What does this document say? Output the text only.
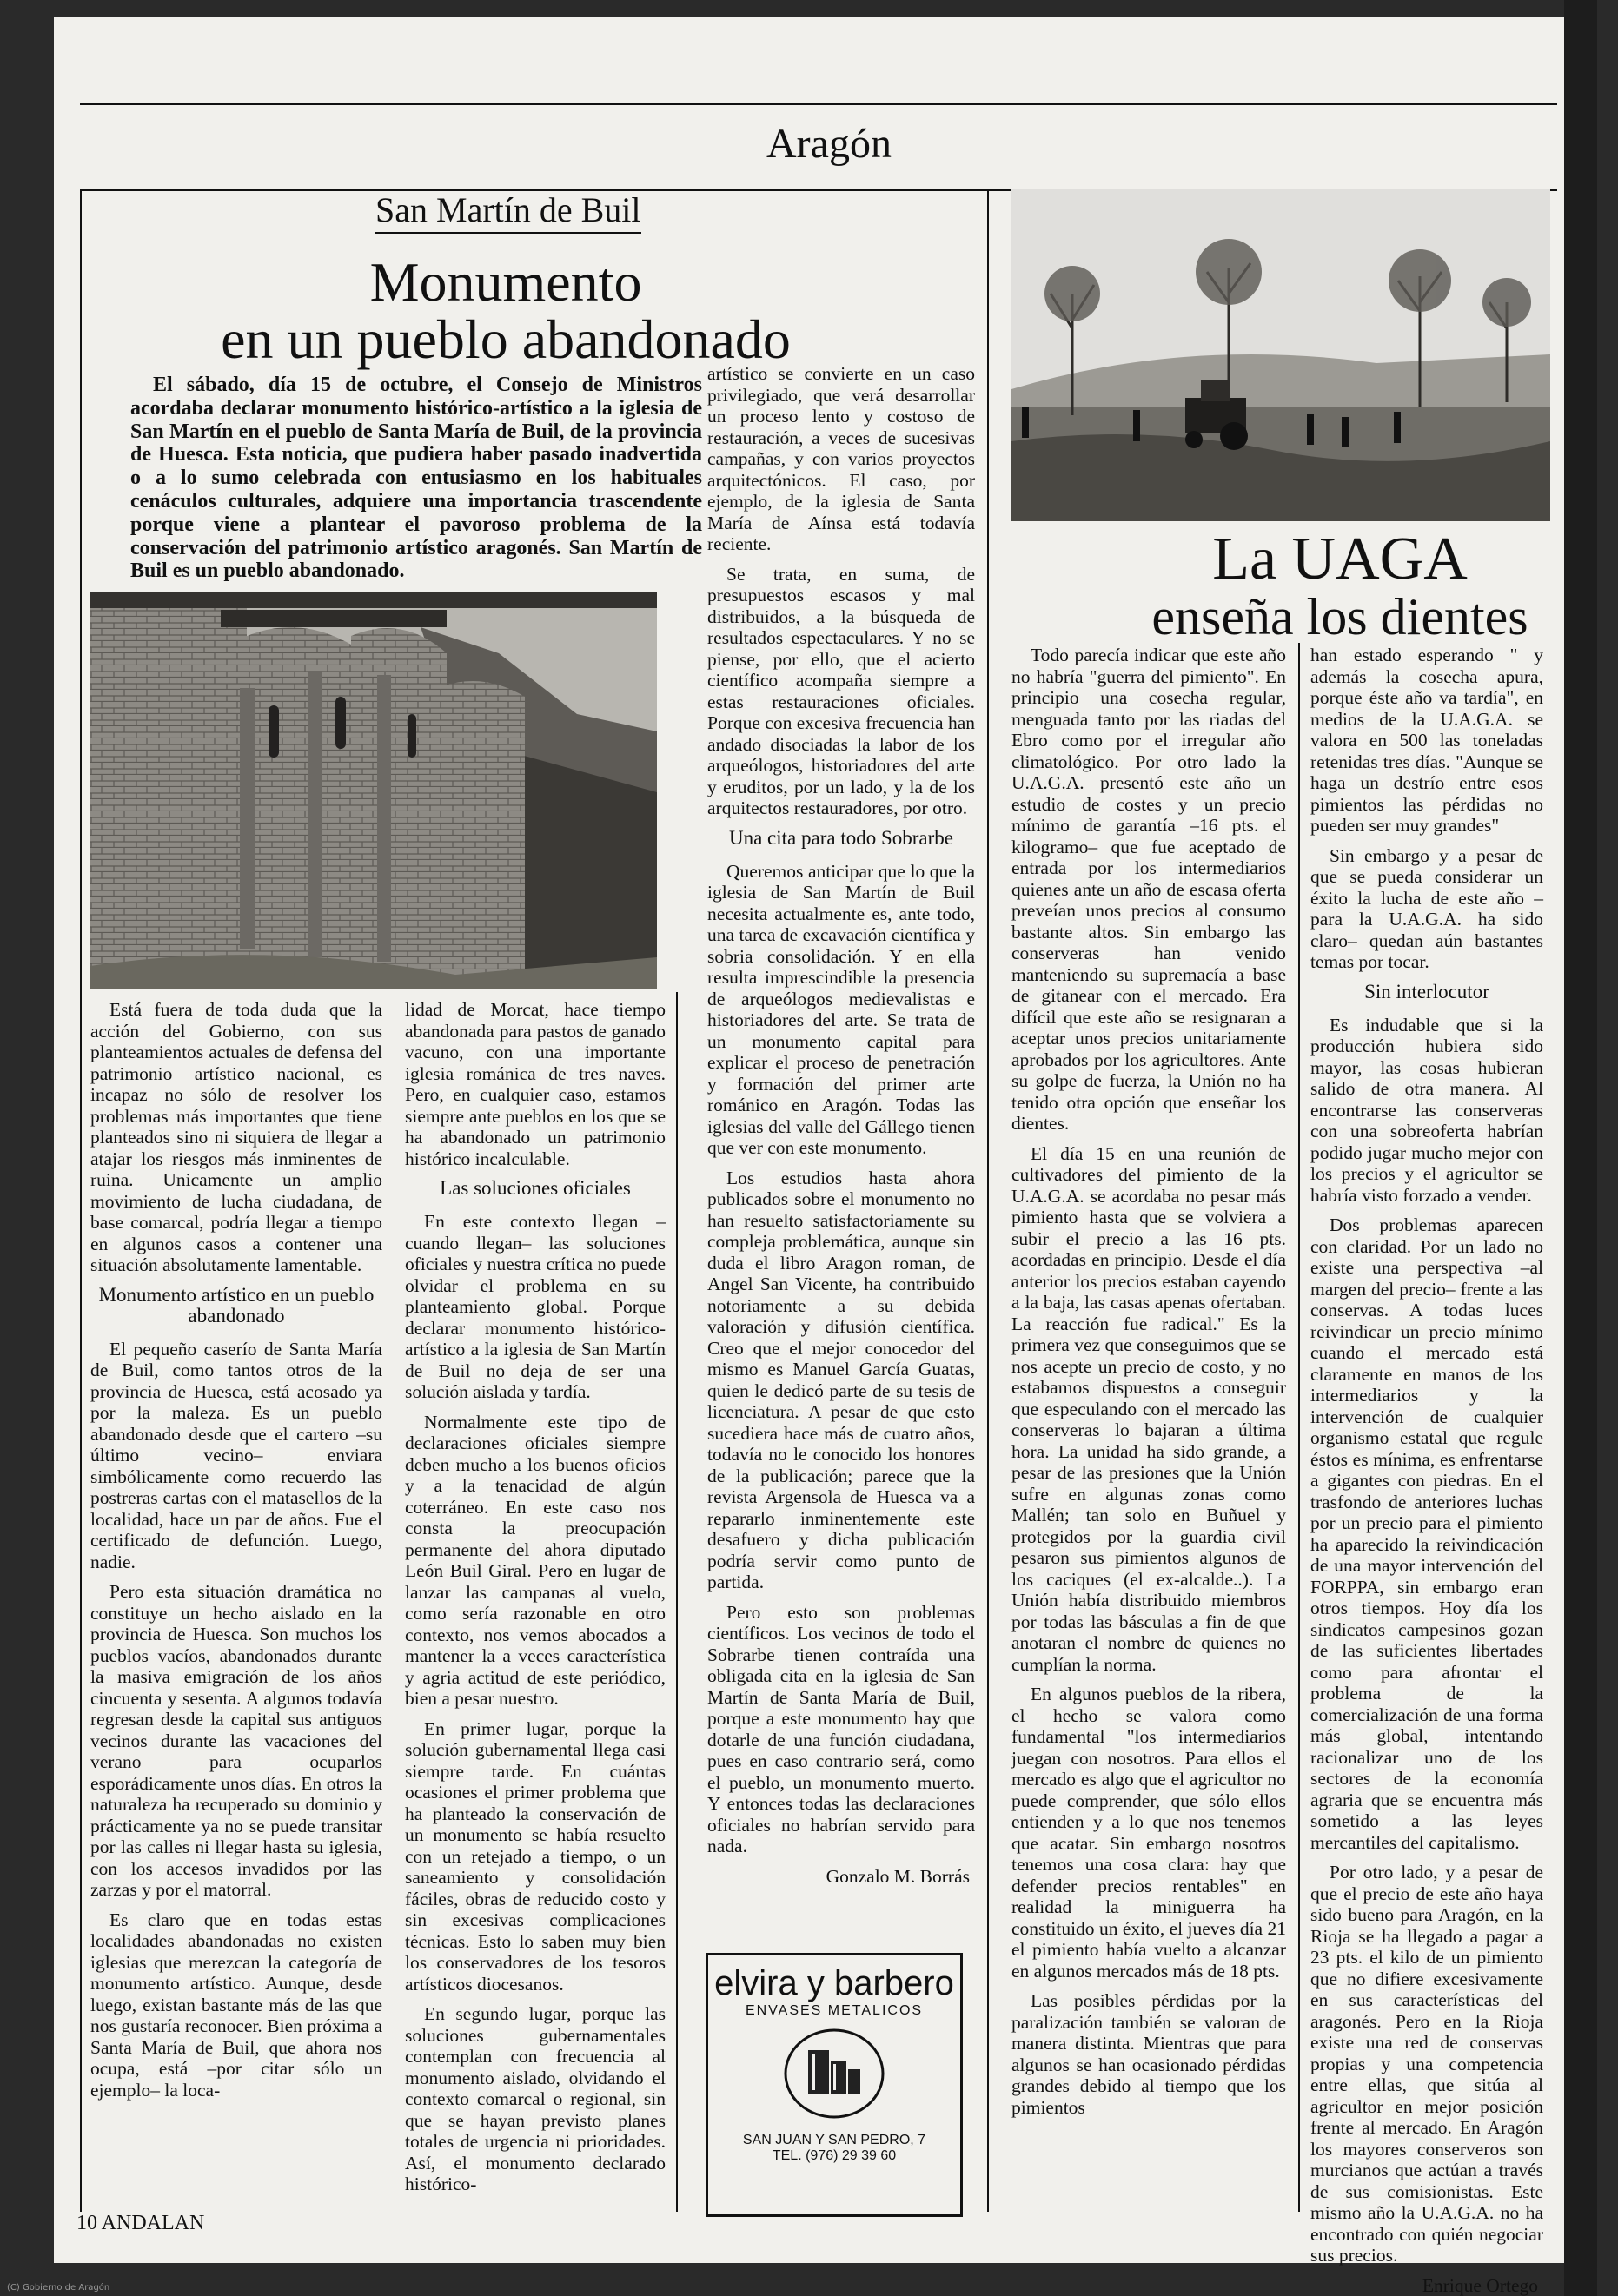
Aragón
San Martín de Buil
Monumento
en un pueblo abandonado
El sábado, día 15 de octubre, el Consejo de Ministros acordaba declarar monumento histórico-artístico a la iglesia de San Martín en el pueblo de Santa María de Buil, de la provincia de Huesca. Esta noticia, que pudiera haber pasado inadvertida o a lo sumo celebrada con entusiasmo en los habituales cenáculos culturales, adquiere una importancia trascendente porque viene a plantear el pavoroso problema de la conservación del patrimonio artístico aragonés. San Martín de Buil es un pueblo abandonado.

Está fuera de toda duda que la acción del Gobierno, con sus planteamientos actuales de defensa del patrimonio artístico nacional, es incapaz no sólo de resolver los problemas más importantes que tiene planteados sino ni siquiera de llegar a atajar los riesgos más inminentes de ruina. Unicamente un amplio movimiento de lucha ciudadana, de base comarcal, podría llegar a tiempo en algunos casos a contener una situación absolutamente lamentable.

Monumento artístico en un pueblo abandonado

El pequeño caserío de Santa María de Buil, como tantos otros de la provincia de Huesca, está acosado ya por la maleza. Es un pueblo abandonado desde que el cartero –su último vecino– enviara simbólicamente como recuerdo las postreras cartas con el matasellos de la localidad, hace un par de años. Fue el certificado de defunción. Luego, nadie.

Pero esta situación dramática no constituye un hecho aislado en la provincia de Huesca. Son muchos los pueblos vacíos, abandonados durante la masiva emigración de los años cincuenta y sesenta. A algunos todavía regresan desde la capital sus antiguos vecinos durante las vacaciones del verano para ocuparlos esporádicamente unos días. En otros la naturaleza ha recuperado su dominio y prácticamente ya no se puede transitar por las calles ni llegar hasta su iglesia, con los accesos invadidos por las zarzas y por el matorral.

Es claro que en todas estas localidades abandonadas no existen iglesias que merezcan la categoría de monumento artístico. Aunque, desde luego, existan bastante más de las que nos gustaría reconocer. Bien próxima a Santa María de Buil, que ahora nos ocupa, está –por citar sólo un ejemplo– la loca-

lidad de Morcat, hace tiempo abandonada para pastos de ganado vacuno, con una importante iglesia románica de tres naves. Pero, en cualquier caso, estamos siempre ante pueblos en los que se ha abandonado un patrimonio histórico incalculable.

Las soluciones oficiales

En este contexto llegan –cuando llegan– las soluciones oficiales y nuestra crítica no puede olvidar el problema en su planteamiento global. Porque declarar monumento histórico-artístico a la iglesia de San Martín de Buil no deja de ser una solución aislada y tardía.

Normalmente este tipo de declaraciones oficiales siempre deben mucho a los buenos oficios y a la tenacidad de algún coterráneo. En este caso nos consta la preocupación permanente del ahora diputado León Buil Giral. Pero en lugar de lanzar las campanas al vuelo, como sería razonable en otro contexto, nos vemos abocados a mantener la a veces característica y agria actitud de este periódico, bien a pesar nuestro.

En primer lugar, porque la solución gubernamental llega casi siempre tarde. En cuántas ocasiones el primer problema que ha planteado la conservación de un monumento se había resuelto con un retejado a tiempo, o un saneamiento y consolidación fáciles, obras de reducido costo y sin excesivas complicaciones técnicas. Esto lo saben muy bien los conservadores de los tesoros artísticos diocesanos.

En segundo lugar, porque las soluciones gubernamentales contemplan con frecuencia al monumento aislado, olvidando el contexto comarcal o regional, sin que se hayan previsto planes totales de urgencia ni prioridades. Así, el monumento declarado histórico-

artístico se convierte en un caso privilegiado, que verá desarrollar un proceso lento y costoso de restauración, a veces de sucesivas campañas, y con varios proyectos arquitectónicos. El caso, por ejemplo, de la iglesia de Santa María de Aínsa está todavía reciente.

Se trata, en suma, de presupuestos escasos y mal distribuidos, a la búsqueda de resultados espectaculares. Y no se piense, por ello, que el acierto científico acompaña siempre a estas restauraciones oficiales. Porque con excesiva frecuencia han andado disociadas la labor de los arqueólogos, historiadores del arte y eruditos, por un lado, y la de los arquitectos restauradores, por otro.

Una cita para todo Sobrarbe

Queremos anticipar que lo que la iglesia de San Martín de Buil necesita actualmente es, ante todo, una tarea de excavación científica y sobria consolidación. Y en ella resulta imprescindible la presencia de arqueólogos medievalistas e historiadores del arte. Se trata de un monumento capital para explicar el proceso de penetración y formación del primer arte románico en Aragón. Todas las iglesias del valle del Gállego tienen que ver con este monumento.

Los estudios hasta ahora publicados sobre el monumento no han resuelto satisfactoriamente su compleja problemática, aunque sin duda el libro Aragon roman, de Angel San Vicente, ha contribuido notoriamente a su debida valoración y difusión científica. Creo que el mejor conocedor del mismo es Manuel García Guatas, quien le dedicó parte de su tesis de licenciatura. A pesar de que esto sucediera hace más de cuatro años, todavía no le conocido los honores de la publicación; parece que la revista Argensola de Huesca va a repararlo inminentemente este desafuero y dicha publicación podría servir como punto de partida.

Pero esto son problemas científicos. Los vecinos de todo el Sobrarbe tienen contraída una obligada cita en la iglesia de San Martín de Santa María de Buil, porque a este monumento hay que dotarle de una función ciudadana, pues en caso contrario será, como el pueblo, un monumento muerto. Y entonces todas las declaraciones oficiales no habrían servido para nada.

Gonzalo M. Borrás
elvira y barbero
ENVASES METALICOS
SAN JUAN Y SAN PEDRO, 7
TEL. (976) 29 39 60
La UAGA
enseña los dientes

Todo parecía indicar que este año no habría "guerra del pimiento". En principio una cosecha regular, menguada tanto por las riadas del Ebro como por el irregular año climatológico. Por otro lado la U.A.G.A. presentó este año un estudio de costes y un precio mínimo de garantía –16 pts. el kilogramo– que fue aceptado de entrada por los intermediarios quienes ante un año de escasa oferta preveían unos precios al consumo bastante altos. Sin embargo las conserveras han venido manteniendo su supremacía a base de gitanear con el mercado. Era difícil que este año se resignaran a aceptar unos precios unitariamente aprobados por los agricultores. Ante su golpe de fuerza, la Unión no ha tenido otra opción que enseñar los dientes.

El día 15 en una reunión de cultivadores del pimiento de la U.A.G.A. se acordaba no pesar más pimiento hasta que se volviera a subir el precio a las 16 pts. acordadas en principio. Desde el día anterior los precios estaban cayendo a la baja, las casas apenas ofertaban. La reacción fue radical." Es la primera vez que conseguimos que se nos acepte un precio de costo, y no estabamos dispuestos a conseguir que especulando con el mercado las conserveras lo bajaran a última hora. La unidad ha sido grande, a pesar de las presiones que la Unión sufre en algunas zonas como Mallén; tan solo en Buñuel y protegidos por la guardia civil pesaron sus pimientos algunos de los caciques (el ex-alcalde..). La Unión había distribuido miembros por todas las básculas a fin de que anotaran el nombre de quienes no cumplían la norma.

En algunos pueblos de la ribera, el hecho se valora como fundamental "los intermediarios juegan con nosotros. Para ellos el mercado es algo que el agricultor no puede comprender, que sólo ellos entienden y a lo que nos tenemos que acatar. Sin embargo nosotros tenemos una cosa clara: hay que defender precios rentables" en realidad la miniguerra ha constituido un éxito, el jueves día 21 el pimiento había vuelto a alcanzar en algunos mercados más de 18 pts.

Las posibles pérdidas por la paralización también se valoran de manera distinta. Mientras que para algunos se han ocasionado pérdidas grandes debido al tiempo que los pimientos

han estado esperando " y además la cosecha apura, porque éste año va tardía", en medios de la U.A.G.A. se valora en 500 las toneladas retenidas tres días. "Aunque se haga un destrío entre esos pimientos las pérdidas no pueden ser muy grandes"

Sin embargo y a pesar de que se pueda considerar un éxito la lucha de este año –para la U.A.G.A. ha sido claro– quedan aún bastantes temas por tocar.

Sin interlocutor

Es indudable que si la producción hubiera sido mayor, las cosas hubieran salido de otra manera. Al encontrarse las conserveras con una sobreoferta habrían podido jugar mucho mejor con los precios y el agricultor se habría visto forzado a vender.

Dos problemas aparecen con claridad. Por un lado no existe una perspectiva –al margen del precio– frente a las conservas. A todas luces reivindicar un precio mínimo cuando el mercado está claramente en manos de los intermediarios y la intervención de cualquier organismo estatal que regule éstos es mínima, es enfrentarse a gigantes con piedras. En el trasfondo de anteriores luchas por un precio para el pimiento ha aparecido la reivindicación de una mayor intervención del FORPPA, sin embargo eran otros tiempos. Hoy día los sindicatos campesinos gozan de las suficientes libertades como para afrontar el problema de la comercialización de una forma más global, intentando racionalizar uno de los sectores de la economía agraria que se encuentra más sometido a las leyes mercantiles del capitalismo.

Por otro lado, y a pesar de que el precio de este año haya sido bueno para Aragón, en la Rioja se ha llegado a pagar a 23 pts. el kilo de un pimiento que no difiere excesivamente en sus características del aragonés. Pero en la Rioja existe una red de conservas propias y una competencia entre ellas, que sitúa al agricultor en mejor posición frente al mercado. En Aragón los mayores conserveros son murcianos que actúan a través de sus comisionistas. Este mismo año la U.A.G.A. no ha encontrado con quién negociar sus precios.

Enrique Ortego
10 ANDALAN
(C) Gobierno de Aragón
